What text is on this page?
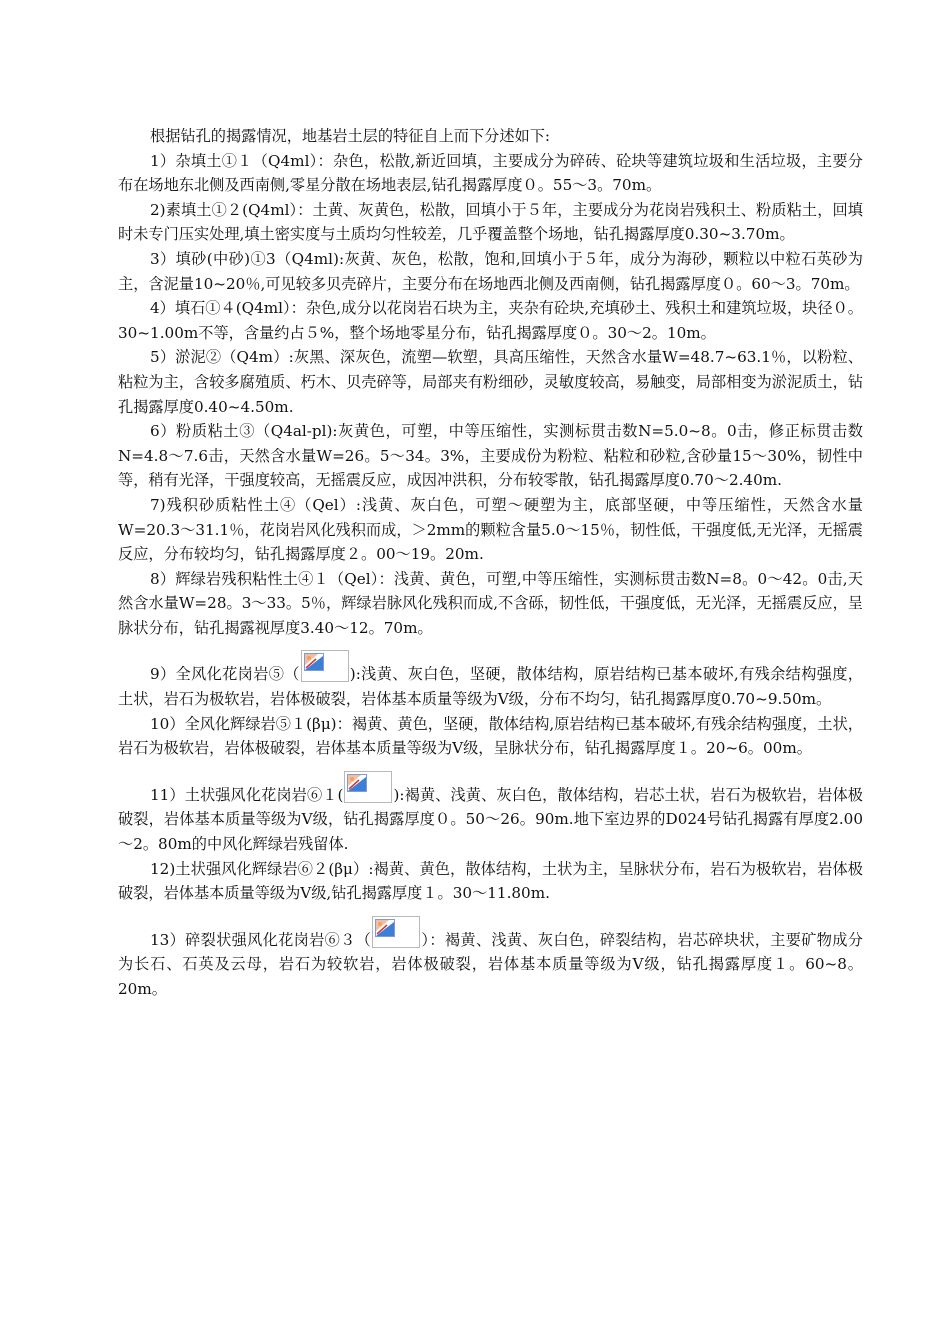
根据钻孔的揭露情况，地基岩土层的特征自上而下分述如下:

1）杂填土①１（Q4ml）：杂色，松散,新近回填，主要成分为碎砖、砼块等建筑垃圾和生活垃圾，主要分布在场地东北侧及西南侧,零星分散在场地表层,钻孔揭露厚度０。55～3。70m。

2)素填土①２(Q4ml）：土黄、灰黄色，松散，回填小于５年，主要成分为花岗岩残积土、粉质粘土，回填时未专门压实处理,填土密实度与土质均匀性较差，几乎覆盖整个场地，钻孔揭露厚度0.30~3.70m。

3）填砂(中砂)①3（Q4ml):灰黄、灰色，松散，饱和,回填小于５年，成分为海砂，颗粒以中粒石英砂为主，含泥量10~20％,可见较多贝壳碎片，主要分布在场地西北侧及西南侧，钻孔揭露厚度０。60～3。70m。

4）填石①４(Q4ml）：杂色,成分以花岗岩石块为主，夹杂有砼块,充填砂土、残积土和建筑垃圾，块径０。30~1.00m不等，含量约占５%，整个场地零星分布，钻孔揭露厚度０。30～2。10m。

5）淤泥②（Q4m）:灰黑、深灰色，流塑—软塑，具高压缩性，天然含水量W=48.7~63.1％，以粉粒、粘粒为主，含较多腐殖质、朽木、贝壳碎等，局部夹有粉细砂，灵敏度较高，易触变，局部相变为淤泥质土，钻孔揭露厚度0.40~4.50m.

6）粉质粘土③（Q4al-pl):灰黄色，可塑，中等压缩性，实测标贯击数N=5.0~8。0击，修正标贯击数N=4.8～7.6击，天然含水量W=26。5～34。3%，主要成份为粉粒、粘粒和砂粒,含砂量15～30%，韧性中等，稍有光泽，干强度较高，无摇震反应，成因冲洪积，分布较零散，钻孔揭露厚度0.70～2.40m.

7)残积砂质粘性土④（Qel）:浅黄、灰白色，可塑～硬塑为主，底部坚硬，中等压缩性，天然含水量W=20.3～31.1％，花岗岩风化残积而成，＞2mm的颗粒含量5.0～15％，韧性低，干强度低,无光泽，无摇震反应，分布较均匀，钻孔揭露厚度２。00～19。20m.

8）辉绿岩残积粘性土④１（Qel）：浅黄、黄色，可塑,中等压缩性，实测标贯击数N=8。0～42。0击,天然含水量W=28。3～33。5％，辉绿岩脉风化残积而成,不含砾，韧性低，干强度低，无光泽，无摇震反应，呈脉状分布，钻孔揭露视厚度3.40～12。70m。

9）全风化花岗岩⑤（	):浅黄、灰白色，坚硬，散体结构，原岩结构已基本破坏,有残余结构强度，土状，岩石为极软岩，岩体极破裂，岩体基本质量等级为Ⅴ级，分布不均匀，钻孔揭露厚度0.70~9.50m。

10）全风化辉绿岩⑤１(βμ)：褐黄、黄色，坚硬，散体结构,原岩结构已基本破坏,有残余结构强度，土状，岩石为极软岩，岩体极破裂，岩体基本质量等级为Ⅴ级，呈脉状分布，钻孔揭露厚度１。20~6。00m。

11）土状强风化花岗岩⑥１(	):褐黄、浅黄、灰白色，散体结构，岩芯土状，岩石为极软岩，岩体极破裂，岩体基本质量等级为Ⅴ级，钻孔揭露厚度０。50～26。90m.地下室边界的D024号钻孔揭露有厚度2.00～2。80m的中风化辉绿岩残留体.

12)土状强风化辉绿岩⑥２(βμ）:褐黄、黄色，散体结构，土状为主，呈脉状分布，岩石为极软岩，岩体极破裂，岩体基本质量等级为Ⅴ级,钻孔揭露厚度１。30～11.80m.

13）碎裂状强风化花岗岩⑥３（	）：褐黄、浅黄、灰白色，碎裂结构，岩芯碎块状，主要矿物成分为长石、石英及云母，岩石为较软岩，岩体极破裂，岩体基本质量等级为Ⅴ级，钻孔揭露厚度１。60~8。20m。
